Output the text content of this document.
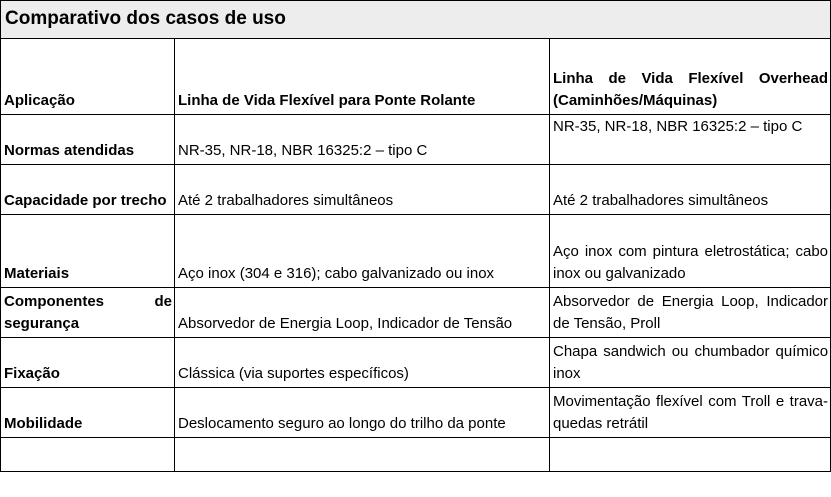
Comparativo dos casos de uso		
Aplicação	Linha de Vida Flexível para Ponte Rolante	Linha de Vida Flexível Overhead (Caminhões/Máquinas)
Normas atendidas	NR-35, NR-18, NBR 16325:2 – tipo C	NR-35, NR-18, NBR 16325:2 – tipo C
Capacidade por trecho	Até 2 trabalhadores simultâneos	Até 2 trabalhadores simultâneos
Materiais	Aço inox (304 e 316); cabo galvanizado ou inox	Aço inox com pintura eletrostática; cabo inox ou galvanizado
Componentes de segurança	Absorvedor de Energia Loop, Indicador de Tensão	Absorvedor de Energia Loop, Indicador de Tensão, Proll
Fixação	Clássica (via suportes específicos)	Chapa sandwich ou chumbador químico inox
Mobilidade	Deslocamento seguro ao longo do trilho da ponte	Movimentação flexível com Troll e trava-quedas retrátil
